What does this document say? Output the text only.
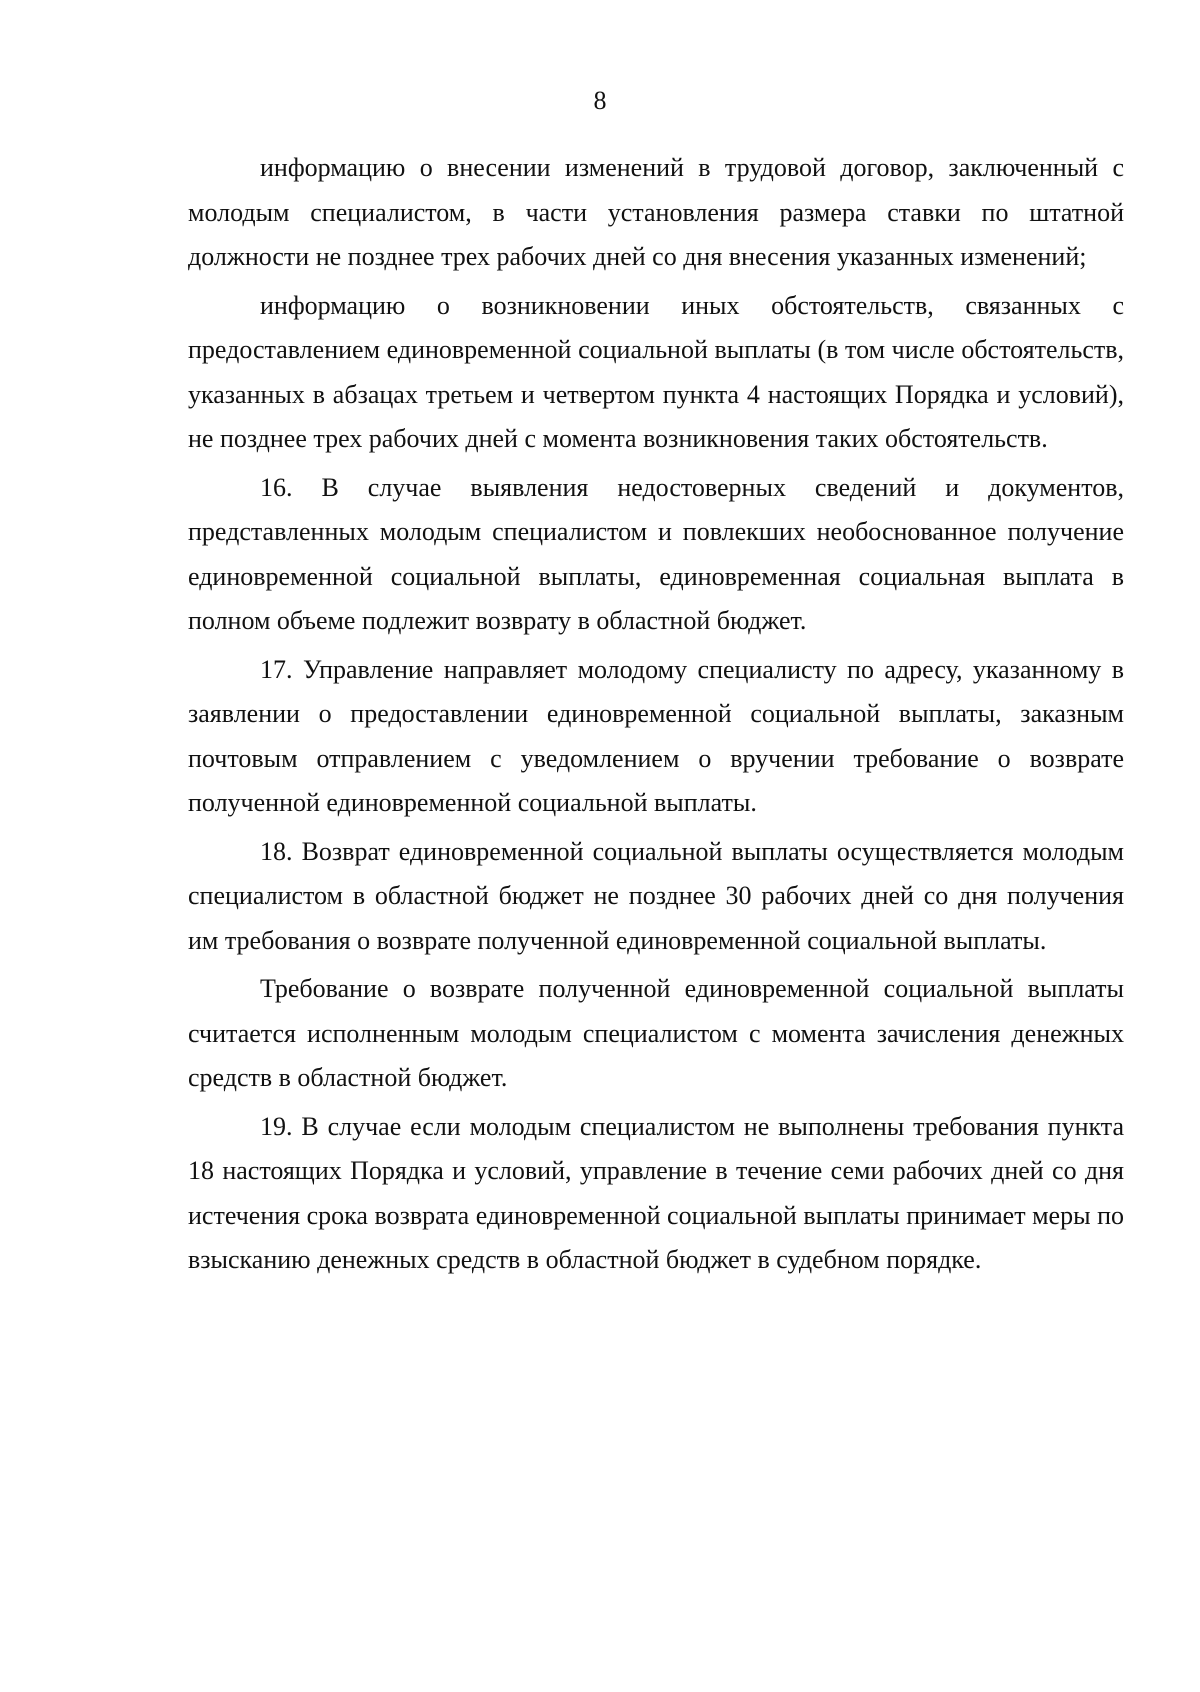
8

информацию о внесении изменений в трудовой договор, заключенный с молодым специалистом, в части установления размера ставки по штатной должности не позднее трех рабочих дней со дня внесения указанных изменений;

информацию о возникновении иных обстоятельств, связанных с предоставлением единовременной социальной выплаты (в том числе обстоятельств, указанных в абзацах третьем и четвертом пункта 4 настоящих Порядка и условий), не позднее трех рабочих дней с момента возникновения таких обстоятельств.

16. В случае выявления недостоверных сведений и документов, представленных молодым специалистом и повлекших необоснованное получение единовременной социальной выплаты, единовременная социальная выплата в полном объеме подлежит возврату в областной бюджет.

17. Управление направляет молодому специалисту по адресу, указанному в заявлении о предоставлении единовременной социальной выплаты, заказным почтовым отправлением с уведомлением о вручении требование о возврате полученной единовременной социальной выплаты.

18. Возврат единовременной социальной выплаты осуществляется молодым специалистом в областной бюджет не позднее 30 рабочих дней со дня получения им требования о возврате полученной единовременной социальной выплаты.

Требование о возврате полученной единовременной социальной выплаты считается исполненным молодым специалистом с момента зачисления денежных средств в областной бюджет.

19. В случае если молодым специалистом не выполнены требования пункта 18 настоящих Порядка и условий, управление в течение семи рабочих дней со дня истечения срока возврата единовременной социальной выплаты принимает меры по взысканию денежных средств в областной бюджет в судебном порядке.
